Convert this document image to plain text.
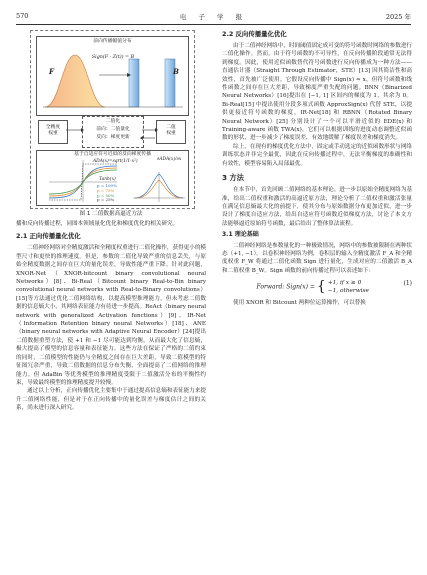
570	电 子 学 报	2025 年
前向传播幅值分布
Sign(F · Z(t)) = B
F	B
全精度
权重
二值化
前向：二值量化
反向：梯度更新
二值
权重
基于自适应符号近似的反向梯度传播
ADA(x)=sqrt(1/1-x²)
Tanh(x)
∂ADA(x)/∂x
p = 100%
p = 75%
p = 50%
p = 25%
图 1 二值数据高逼近方法

播和反向传播过程，同图本领域量化优化和梯度优化的相关研究。

2.1 正向传播量化优化

二值神经网络对全精度激活和全精度权重进行二值化操作，获得更小的模型尺寸和更快的推理速度。但是，参数的二值化导致严重的信息丢失，与原始全精度数据之间存在巨大的量化误差，导致性能严重下降。针对此问题，XNOR-Net（XNOR-bitcount binary convolutional neural Networks）[8]、Bi-Real（Bitcount binary Real-to-Bin binary convolutional neural networks with Real-to-Binary convolutions）[15]等方法通过优化二值网络结构，以提高模型推理能力，但未考虑二值数据的信息熵大小，其网络表征能力有待进一步提高。ReAct（binary neural network with generalized Activation functions）[9]、IR-Net（Information Retention binary neural Networks）[18]、ANE（binary neural networks with Adaptive Neural Encoder）[24]提出二值数据重塑方法，使 +1 和 −1 尽可能达到均衡，从而最大化了信息熵，极大提高了模型的信息容量和表征能力。这些方法在保证了严格的二值约束的同时，二值模型的性能仍与全精度之间存在巨大差距，导致二值模型的特征图冗余严重，导致二值数据的信息分布失衡，全面提高了二值网络的推理能力。但 AdaBin 等优秀模型的推理精度受限于二值激活分布的平衡性约束，导致最终模型的推理精度提升较慢。

通过以上分析，正向传播优化主要集中于通过提高信息熵和表征能力来提升二值网络性能，但是对于在正向传播中的量化误差与梯度估计之间的关系，尚未进行深入研究。

2.2 反向传播量化优化

由于二值神经网络中，时间阈值固定成可变的符号函数时网络的参数进行二值化操作。然而，由于符号函数的不可导性，在反向传播阶段通常无法得到梯度。因此，使用近似函数替代符号函数进行反向传播成为一种方法——直通估计器（Straight Through Estimator，STE）[13] 因其简洁性和高效性，首先被广泛使用。它假设反向传播中 Sign(x) ≈ x，但符号函数和线性函数之间存在巨大差距，导致梯度严重失配的问题。BNN（Binarized Neural Networks）[16]提出在 [−1, 1] 区间内的梯度为 1，其余为 0。Bi-Real[15] 中提出使用分段多项式函数 ApproxSign(x) 代替 STE，以提供更接近符号函数的梯度。IR-Net[18] 和 RBNN（Rotated Binary Neural Network）[25] 分别设计了一个可以平滑近似的 EDE(x) 和 Training-aware 函数 TWA(x)，它们可以根据训练的进度动态调整近似函数的形状，进一步减少了梯度误差，有效地缓解了梯度误差和梯度消失。

综上，在现有的梯度优化方法中，固定或手动选定的近似函数形状与网络训练状态并非完全最优，因此在反向传播过程中，无法平衡梯度的准确性和有效性，模型容易陷入局部最优。

3 方法

在本节中，首先回顾二值网络的基本理论。进一步以原始全精度网络为基准，给出二值权重和激活的高逼近原方法，理论分析了二值权重和激活张量在满足信息熵最大化的前提下，使其分布与原始数据分布更加近似，进一步设计了梯度自适应方法，给出自适应符号函数近似梯度方法，讨论了本文方法能够逼近原始符号函数，最后给出了整体算法流程。

3.1 理论基础

二值神经网络是参数量化的一种极致情况，网络中的参数被限制在两种状态（+1, −1）。以卷积神经网络为例，卷积层的输入全精度激活 F_A 和全精度权重 F_W 将通过二值化函数 Sign 进行量化，生成对应的二值激活 B_A 和二值权重 B_W。Sign 函数的前向传播过程可以表述如下：

Forward: Sign(x) = { +1, if x ≥ 0
−1, otherwise
(1)

使用 XNOR 和 Bitcount 两种位运算操作，可以替换
